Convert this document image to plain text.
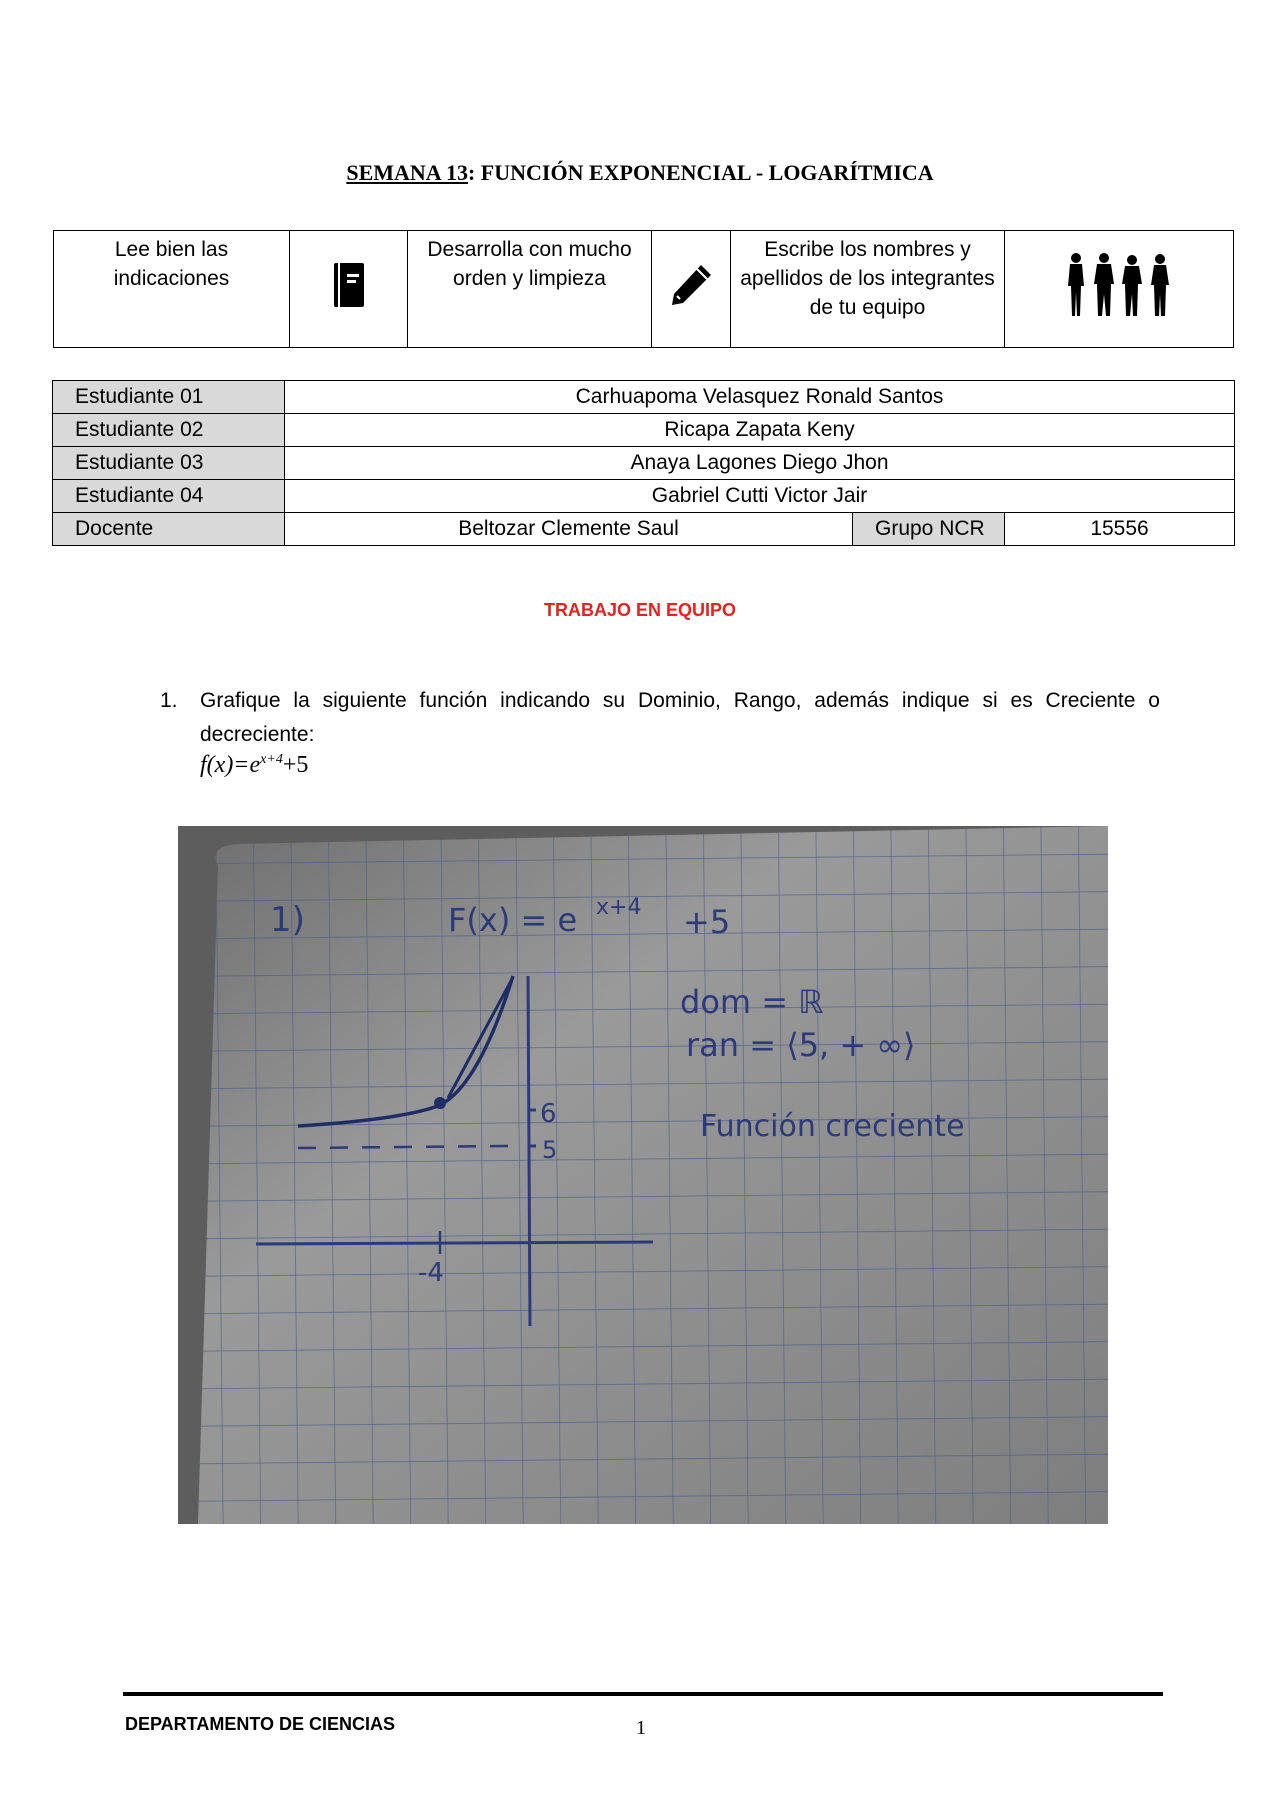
SEMANA 13: FUNCIÓN EXPONENCIAL - LOGARÍTMICA
Lee bien las indicaciones		Desarrolla con mucho orden y limpieza		Escribe los nombres y apellidos de los integrantes de tu equipo	
Estudiante 01	Carhuapoma Velasquez Ronald Santos		
Estudiante 02	Ricapa Zapata Keny		
Estudiante 03	Anaya Lagones Diego Jhon		
Estudiante 04	Gabriel Cutti Victor Jair		
Docente	Beltozar Clemente Saul	Grupo NCR	15556
TRABAJO EN EQUIPO
1. Grafique la siguiente función indicando su Dominio, Rango, además indique si es Creciente o decreciente:
$f(x)=e^{x+4}+5$
1)	F(x) = e x+4 +5
dom = ℝ
ran = ⟨5, + ∞⟩
Función creciente
6
5
-4
DEPARTAMENTO DE CIENCIAS	1
